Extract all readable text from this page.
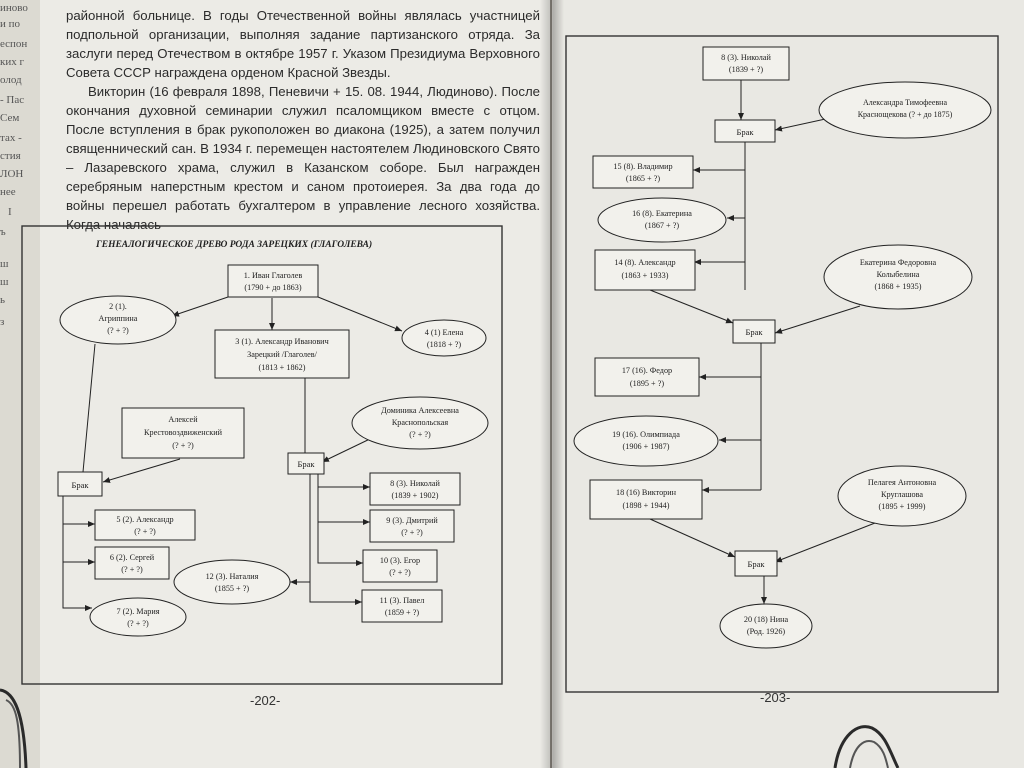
иново
и по
еспон
ких г
олод
- Пас
Сем
тах -
стия
ЛОН
нее
I
ъ
ш
ш
ь
з

районной больнице. В годы Отечественной войны являлась участницей подпольной организации, выполняя задание партизанского отряда. За заслуги перед Отечеством в октябре 1957 г. Указом Президиума Верховного Совета СССР награждена орденом Красной Звезды.

Викторин (16 февраля 1898, Пеневичи + 15. 08. 1944, Людиново). После окончания духовной семинарии служил псаломщиком вместе с отцом. После вступления в брак рукоположен во диакона (1925), а затем получил священнический сан. В 1934 г. перемещен настоятелем Людиновского Свято – Лазаревского храма, служил в Казанском соборе. Был награжден серебряным наперстным крестом и саном протоиерея. За два года до войны перешел работать бухгалтером в управление лесного хозяйства. Когда началась

ГЕНЕАЛОГИЧЕСКОЕ ДРЕВО РОДА ЗАРЕЦКИХ (ГЛАГОЛЕВА)
1. Иван Глаголев
(1790 + до 1863)
2 (1).
Агриппина
(? + ?)
3 (1). Александр Иванович
Зарецкий /Глаголев/
(1813 + 1862)
4 (1) Елена
(1818 + ?)
Алексей
Крестовоздвиженский
(? + ?)
Доминика Алексеевна
Краснопольская
(? + ?)
Брак
Брак
8 (3). Николай
(1839 + 1902)
9 (3). Дмитрий
(? + ?)
10 (3). Егор
(? + ?)
11 (3). Павел
(1859 + ?)
12 (3). Наталия
(1855 + ?)
5 (2). Александр
(? + ?)
6 (2). Сергей
(? + ?)
7 (2). Мария
(? + ?)
8 (3). Николай
(1839 + ?)
Александра Тимофеевна
Краснощекова (? + до 1875)
Брак
15 (8). Владимир
(1865 + ?)
16 (8). Екатерина
(1867 + ?)
14 (8). Александр
(1863 + 1933)
Екатерина Федоровна
Колыбелина
(1868 + 1935)
Брак
17 (16). Федор
(1895 + ?)
19 (16). Олимпиада
(1906 + 1987)
18 (16) Викторин
(1898 + 1944)
Пелагея Антоновна
Круглашова
(1895 + 1999)
Брак
20 (18) Нина
(Род. 1926)
-202-	-203-
